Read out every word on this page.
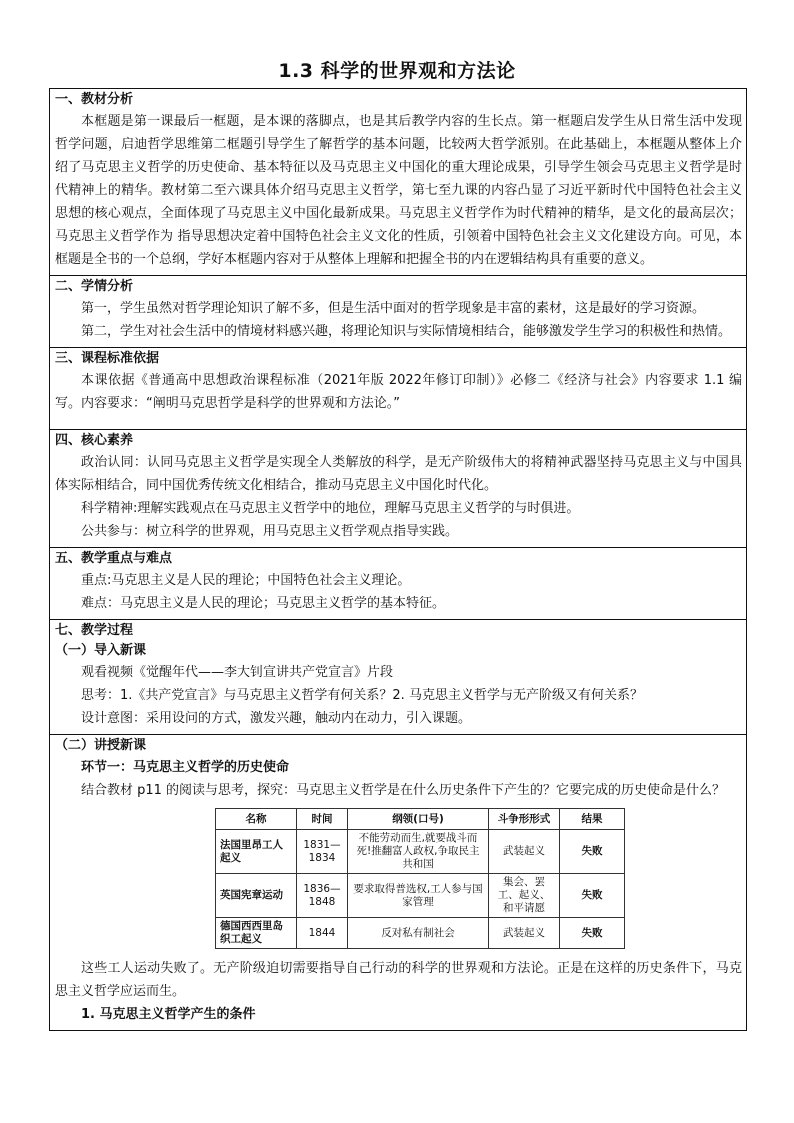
1.3 科学的世界观和方法论
一、教材分析

本框题是第一课最后一框题，是本课的落脚点，也是其后教学内容的生长点。第一框题启发学生从日常生活中发现哲学问题，启迪哲学思维第二框题引导学生了解哲学的基本问题，比较两大哲学派别。在此基础上，本框题从整体上介绍了马克思主义哲学的历史使命、基本特征以及马克思主义中国化的重大理论成果，引导学生领会马克思主义哲学是时代精神上的精华。教材第二至六课具体介绍马克思主义哲学，第七至九课的内容凸显了习近平新时代中国特色社会主义思想的核心观点，全面体现了马克思主义中国化最新成果。马克思主义哲学作为时代精神的精华，是文化的最高层次；马克思主义哲学作为 指导思想决定着中国特色社会主义文化的性质，引领着中国特色社会主义文化建设方向。可见，本框题是全书的一个总纲，学好本框题内容对于从整体上理解和把握全书的内在逻辑结构具有重要的意义。

二、学情分析

第一，学生虽然对哲学理论知识了解不多，但是生活中面对的哲学现象是丰富的素材，这是最好的学习资源。

第二，学生对社会生活中的情境材料感兴趣，将理论知识与实际情境相结合，能够激发学生学习的积极性和热情。

三、课程标准依据

本课依据《普通高中思想政治课程标准（2021年版 2022年修订印制）》必修二《经济与社会》内容要求 1.1 编写。内容要求：“阐明马克思哲学是科学的世界观和方法论。”

四、核心素养

政治认同：认同马克思主义哲学是实现全人类解放的科学，是无产阶级伟大的将精神武器坚持马克思主义与中国具体实际相结合，同中国优秀传统文化相结合，推动马克思主义中国化时代化。

科学精神:理解实践观点在马克思主义哲学中的地位，理解马克思主义哲学的与时俱进。

公共参与：树立科学的世界观，用马克思主义哲学观点指导实践。

五、教学重点与难点

重点:马克思主义是人民的理论；中国特色社会主义理论。

难点：马克思主义是人民的理论；马克思主义哲学的基本特征。

七、教学过程
（一）导入新课

观看视频《觉醒年代——李大钊宣讲共产党宣言》片段

思考：1.《共产党宣言》与马克思主义哲学有何关系？2. 马克思主义哲学与无产阶级又有何关系？

设计意图：采用设问的方式，激发兴趣，触动内在动力，引入课题。

（二）讲授新课

环节一：马克思主义哲学的历史使命

结合教材 p11 的阅读与思考，探究：马克思主义哲学是在什么历史条件下产生的？它要完成的历史使命是什么？

名称	时间	纲领(口号)	斗争形形式	结果
法国里昂工人起义	1831—1834	不能劳动而生,就要战斗而死!推翻富人政权,争取民主共和国	武装起义	失败
英国宪章运动	1836—1848	要求取得普选权,工人参与国家管理	集会、罢工、起义、和平请愿	失败
德国西西里岛织工起义	1844	反对私有制社会	武装起义	失败

这些工人运动失败了。无产阶级迫切需要指导自己行动的科学的世界观和方法论。正是在这样的历史条件下，马克思主义哲学应运而生。

1. 马克思主义哲学产生的条件
